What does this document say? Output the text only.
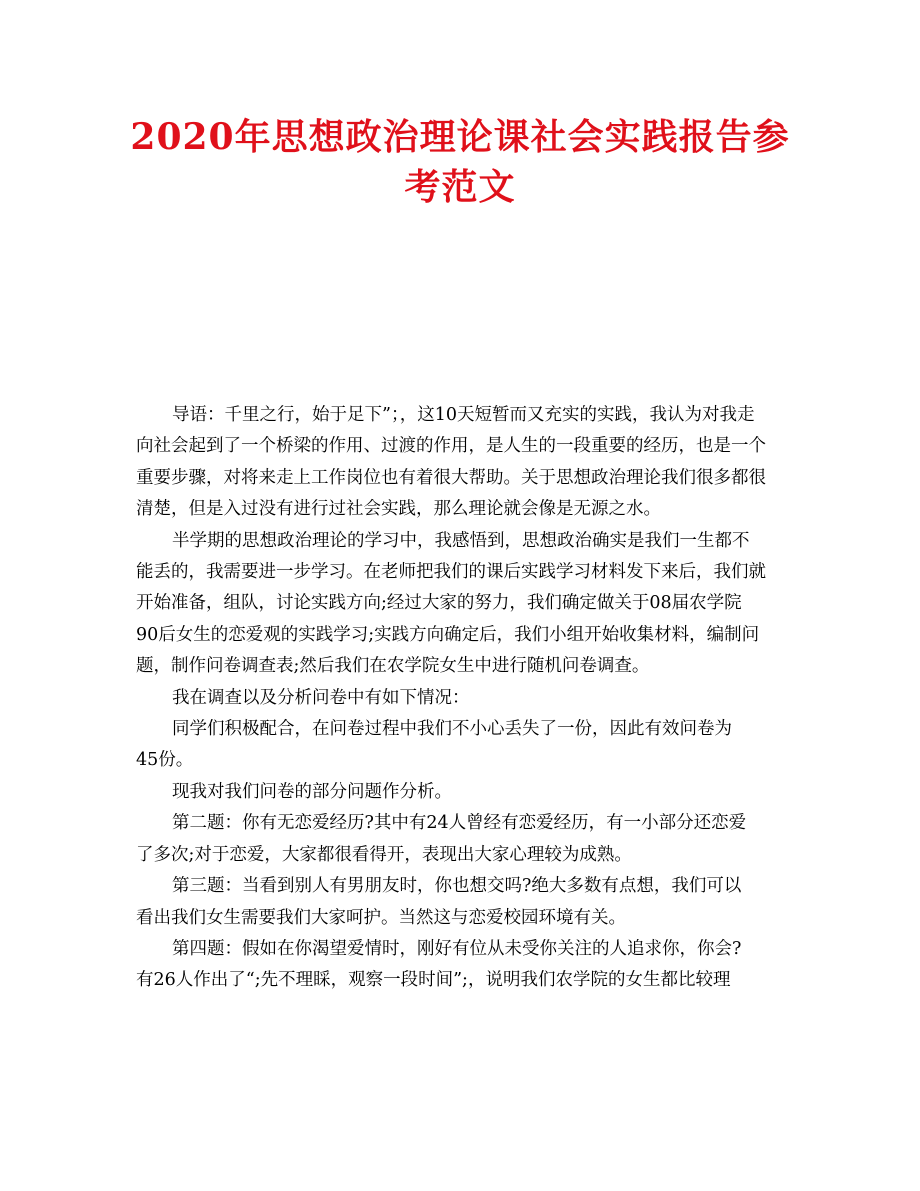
2020年思想政治理论课社会实践报告参
考范文

导语：千里之行，始于足下”；，这10天短暂而又充实的实践，我认为对我走
向社会起到了一个桥梁的作用、过渡的作用，是人生的一段重要的经历，也是一个
重要步骤，对将来走上工作岗位也有着很大帮助。关于思想政治理论我们很多都很
清楚，但是入过没有进行过社会实践，那么理论就会像是无源之水。

半学期的思想政治理论的学习中，我感悟到，思想政治确实是我们一生都不
能丢的，我需要进一步学习。在老师把我们的课后实践学习材料发下来后，我们就
开始准备，组队，讨论实践方向;经过大家的努力，我们确定做关于08届农学院
90后女生的恋爱观的实践学习;实践方向确定后，我们小组开始收集材料，编制问
题，制作问卷调查表;然后我们在农学院女生中进行随机问卷调查。

我在调查以及分析问卷中有如下情况：

同学们积极配合，在问卷过程中我们不小心丢失了一份，因此有效问卷为
45份。

现我对我们问卷的部分问题作分析。

第二题：你有无恋爱经历?其中有24人曾经有恋爱经历，有一小部分还恋爱
了多次;对于恋爱，大家都很看得开，表现出大家心理较为成熟。

第三题：当看到别人有男朋友时，你也想交吗?绝大多数有点想，我们可以
看出我们女生需要我们大家呵护。当然这与恋爱校园环境有关。

第四题：假如在你渴望爱情时，刚好有位从未受你关注的人追求你，你会?
有26人作出了“;先不理睬，观察一段时间”;，说明我们农学院的女生都比较理
